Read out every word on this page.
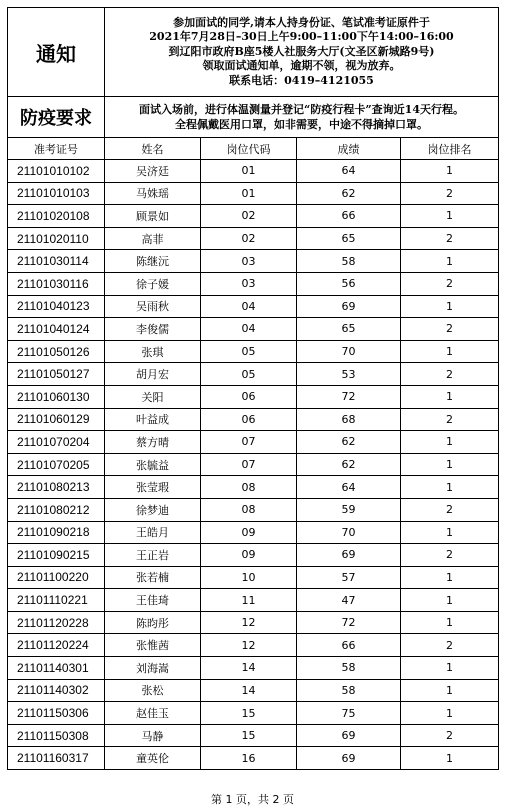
通知	参加面试的同学,请本人持身份证、笔试准考证原件于
2021年7月28日–30日上午9:00–11:00下午14:00–16:00
到辽阳市政府B座5楼人社服务大厅(文圣区新城路9号)
领取面试通知单，逾期不领，视为放弃。
联系电话：0419–4121055			

防疫要求	面试入场前，进行体温测量并登记“防疫行程卡”查询近14天行程。
全程佩戴医用口罩，如非需要，中途不得摘掉口罩。			

准考证号	姓名	岗位代码	成绩	岗位排名
21101010102	吴济廷	01	64	1
21101010103	马姝瑶	01	62	2
21101020108	顾景如	02	66	1
21101020110	高菲	02	65	2
21101030114	陈继沅	03	58	1
21101030116	徐子媛	03	56	2
21101040123	吴雨秋	04	69	1
21101040124	李俊儒	04	65	2
21101050126	张琪	05	70	1
21101050127	胡月宏	05	53	2
21101060130	关阳	06	72	1
21101060129	叶益成	06	68	2
21101070204	蔡方晴	07	62	1
21101070205	张毓益	07	62	1
21101080213	张莹瑕	08	64	1
21101080212	徐梦迪	08	59	2
21101090218	王皓月	09	70	1
21101090215	王正岩	09	69	2
21101100220	张若楠	10	57	1
21101110221	王佳琦	11	47	1
21101120228	陈昀彤	12	72	1
21101120224	张惟茜	12	66	2
21101140301	刘海嵩	14	58	1
21101140302	张松	14	58	1
21101150306	赵佳玉	15	75	1
21101150308	马静	15	69	2
21101160317	童英伦	16	69	1
第 1 页，共 2 页
